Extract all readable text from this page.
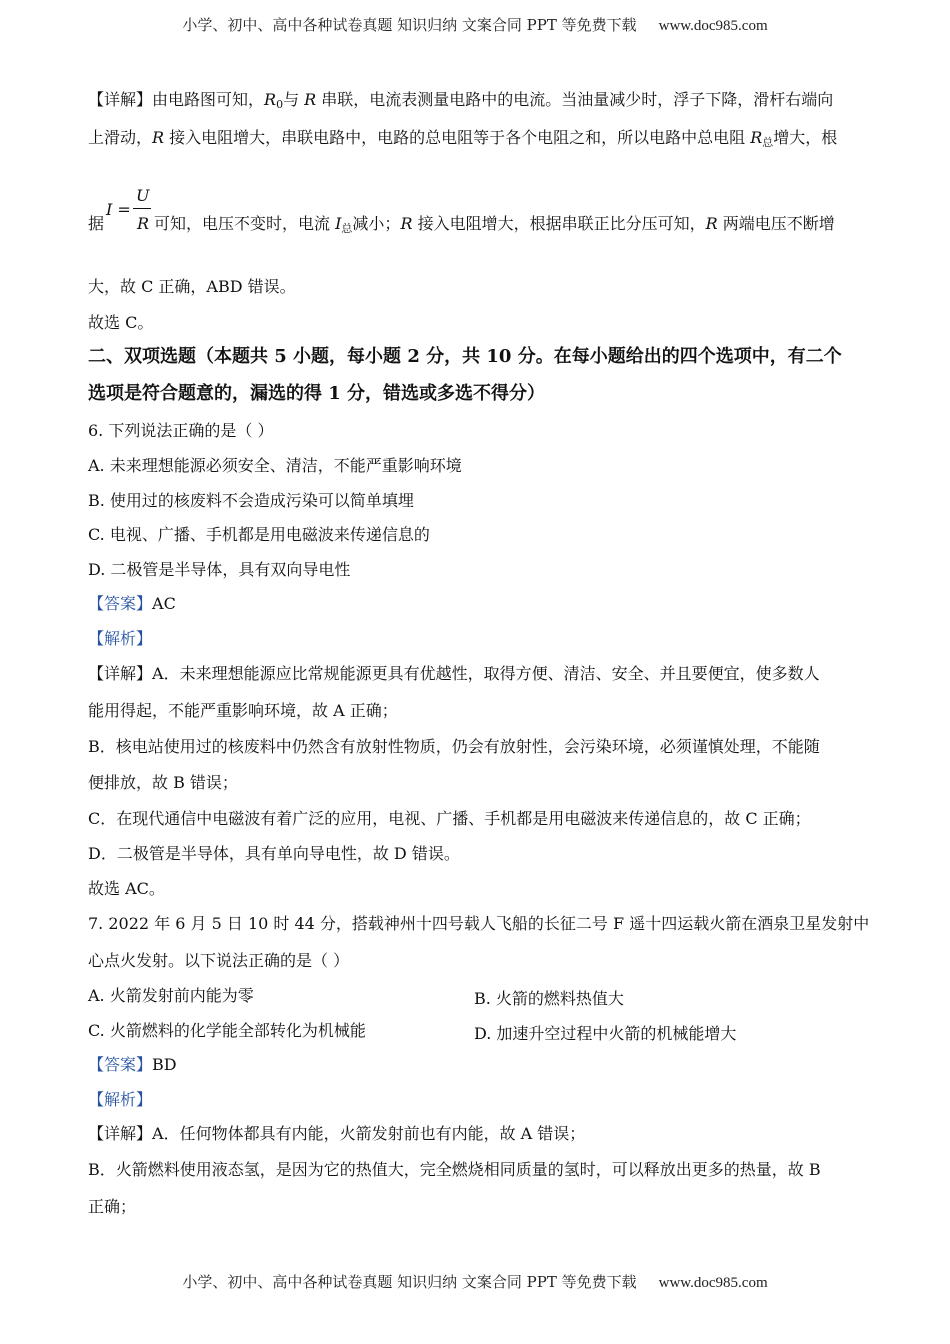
小学、初中、高中各种试卷真题 知识归纳 文案合同 PPT 等免费下载 www.doc985.com
【详解】由电路图可知，$R_0$与 R 串联，电流表测量电路中的电流。当油量减少时，浮子下降，滑杆右端向
上滑动，R 接入电阻增大，串联电路中，电路的总电阻等于各个电阻之和，所以电路中总电阻 $R_总$增大，根
I =
U
R
据	可知，电压不变时，电流 $I_总$减小；R 接入电阻增大，根据串联正比分压可知，R 两端电压不断增
大，故 C 正确，ABD 错误。
故选 C。
二、双项选题（本题共 5 小题，每小题 2 分，共 10 分。在每小题给出的四个选项中，有二个
选项是符合题意的，漏选的得 1 分，错选或多选不得分）
6. 下列说法正确的是（ ）
A. 未来理想能源必须安全、清洁，不能严重影响环境
B. 使用过的核废料不会造成污染可以简单填埋
C. 电视、广播、手机都是用电磁波来传递信息的
D. 二极管是半导体，具有双向导电性
【答案】AC
【解析】
【详解】A．未来理想能源应比常规能源更具有优越性，取得方便、清洁、安全、并且要便宜，使多数人
能用得起，不能严重影响环境，故 A 正确；
B．核电站使用过的核废料中仍然含有放射性物质，仍会有放射性，会污染环境，必须谨慎处理，不能随
便排放，故 B 错误；
C．在现代通信中电磁波有着广泛的应用，电视、广播、手机都是用电磁波来传递信息的，故 C 正确；
D．二极管是半导体，具有单向导电性，故 D 错误。
故选 AC。
7. 2022 年 6 月 5 日 10 时 44 分，搭载神州十四号载人飞船的长征二号 F 遥十四运载火箭在酒泉卫星发射中
心点火发射。以下说法正确的是（ ）
A. 火箭发射前内能为零	B. 火箭的燃料热值大
C. 火箭燃料的化学能全部转化为机械能	D. 加速升空过程中火箭的机械能增大
【答案】BD
【解析】
【详解】A．任何物体都具有内能，火箭发射前也有内能，故 A 错误；
B．火箭燃料使用液态氢，是因为它的热值大，完全燃烧相同质量的氢时，可以释放出更多的热量，故 B
正确；
小学、初中、高中各种试卷真题 知识归纳 文案合同 PPT 等免费下载 www.doc985.com
